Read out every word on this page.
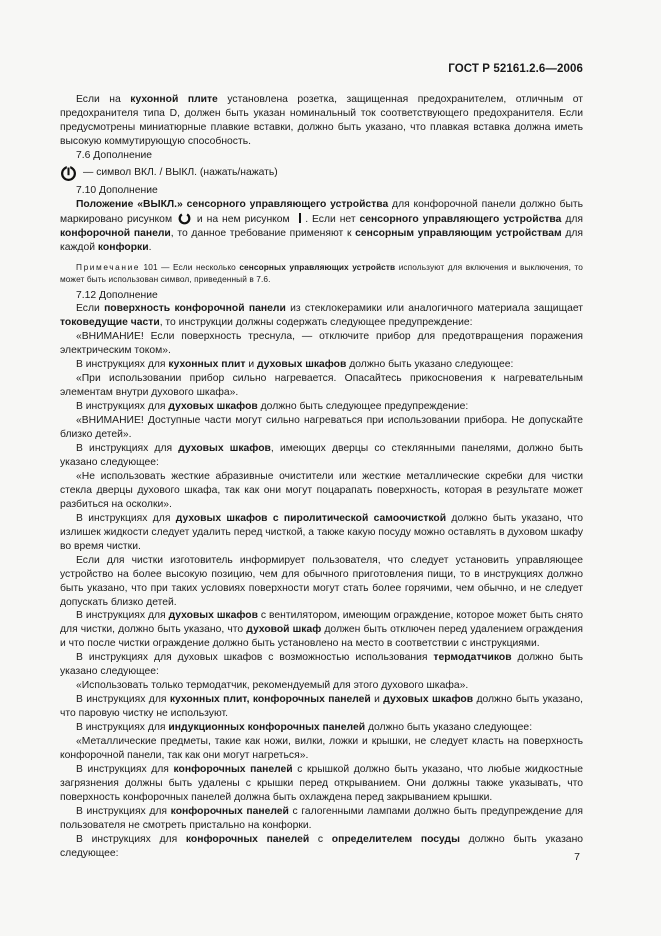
ГОСТ Р 52161.2.6—2006

Если на кухонной плите установлена розетка, защищенная предохранителем, отличным от предохранителя типа D, должен быть указан номинальный ток соответствующего предохранителя. Если предусмотрены миниатюрные плавкие вставки, должно быть указано, что плавкая вставка должна иметь высокую коммутирующую способность.

7.6 Дополнение

— символ ВКЛ. / ВЫКЛ. (нажать/нажать)

7.10 Дополнение

Положение «ВЫКЛ.» сенсорного управляющего устройства для конфорочной панели должно быть маркировано рисунком  и на нем рисунком . Если нет сенсорного управляющего устройства для конфорочной панели, то данное требование применяют к сенсорным управляющим устройствам для каждой конфорки.

Примечание 101 — Если несколько сенсорных управляющих устройств используют для включения и выключения, то может быть использован символ, приведенный в 7.6.

7.12 Дополнение

Если поверхность конфорочной панели из стеклокерамики или аналогичного материала защищает токоведущие части, то инструкции должны содержать следующее предупреждение:

«ВНИМАНИЕ! Если поверхность треснула, — отключите прибор для предотвращения поражения электрическим током».

В инструкциях для кухонных плит и духовых шкафов должно быть указано следующее:

«При использовании прибор сильно нагревается. Опасайтесь прикосновения к нагревательным элементам внутри духового шкафа».

В инструкциях для духовых шкафов должно быть следующее предупреждение:

«ВНИМАНИЕ! Доступные части могут сильно нагреваться при использовании прибора. Не допускайте близко детей».

В инструкциях для духовых шкафов, имеющих дверцы со стеклянными панелями, должно быть указано следующее:

«Не использовать жесткие абразивные очистители или жесткие металлические скребки для чистки стекла дверцы духового шкафа, так как они могут поцарапать поверхность, которая в результате может разбиться на осколки».

В инструкциях для духовых шкафов с пиролитической самоочисткой должно быть указано, что излишек жидкости следует удалить перед чисткой, а также какую посуду можно оставлять в духовом шкафу во время чистки.

Если для чистки изготовитель информирует пользователя, что следует установить управляющее устройство на более высокую позицию, чем для обычного приготовления пищи, то в инструкциях должно быть указано, что при таких условиях поверхности могут стать более горячими, чем обычно, и не следует допускать близко детей.

В инструкциях для духовых шкафов с вентилятором, имеющим ограждение, которое может быть снято для чистки, должно быть указано, что духовой шкаф должен быть отключен перед удалением ограждения и что после чистки ограждение должно быть установлено на место в соответствии с инструкциями.

В инструкциях для духовых шкафов с возможностью использования термодатчиков должно быть указано следующее:

«Использовать только термодатчик, рекомендуемый для этого духового шкафа».

В инструкциях для кухонных плит, конфорочных панелей и духовых шкафов должно быть указано, что паровую чистку не используют.

В инструкциях для индукционных конфорочных панелей должно быть указано следующее:

«Металлические предметы, такие как ножи, вилки, ложки и крышки, не следует класть на поверхность конфорочной панели, так как они могут нагреться».

В инструкциях для конфорочных панелей с крышкой должно быть указано, что любые жидкостные загрязнения должны быть удалены с крышки перед открыванием. Они должны также указывать, что поверхность конфорочных панелей должна быть охлаждена перед закрыванием крышки.

В инструкциях для конфорочных панелей с галогенными лампами должно быть предупреждение для пользователя не смотреть пристально на конфорки.

В инструкциях для конфорочных панелей с определителем посуды должно быть указано следующее:	7
